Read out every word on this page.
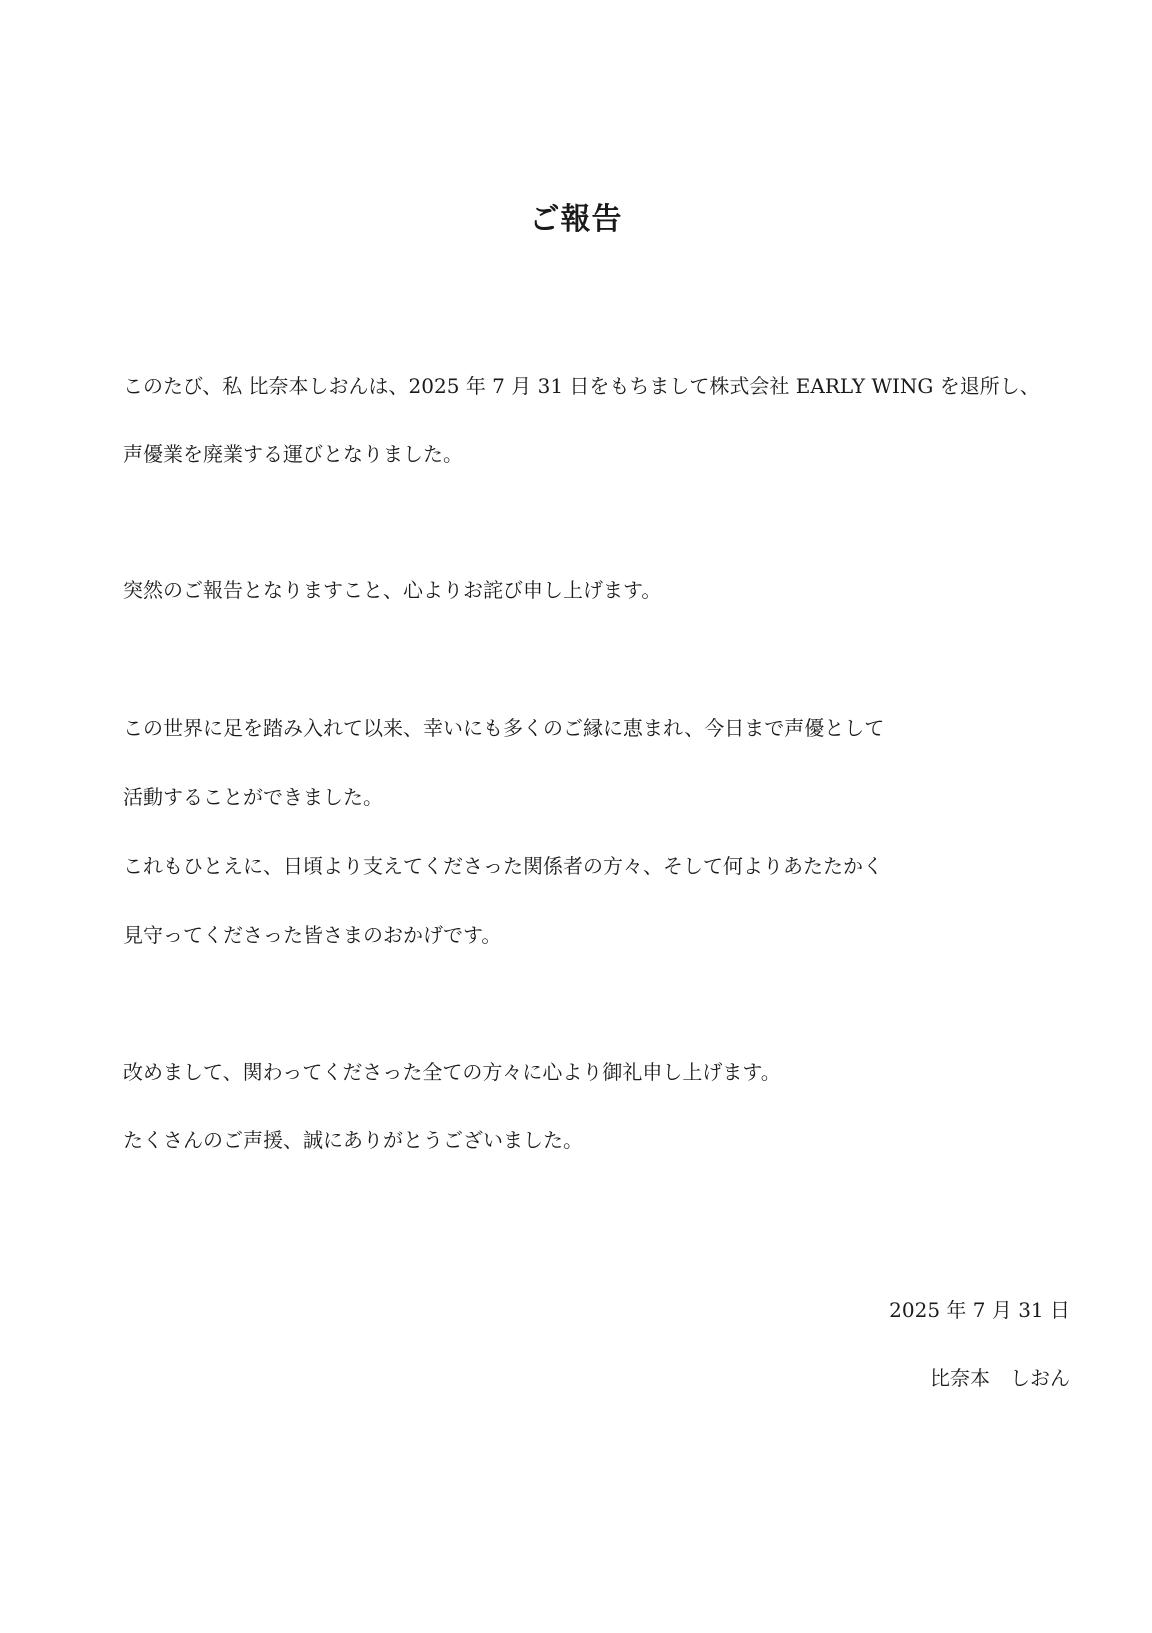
ご報告
このたび、私 比奈本しおんは、2025 年 7 月 31 日をもちまして株式会社 EARLY WING を退所し、
声優業を廃業する運びとなりました。
突然のご報告となりますこと、心よりお詫び申し上げます。
この世界に足を踏み入れて以来、幸いにも多くのご縁に恵まれ、今日まで声優として
活動することができました。
これもひとえに、日頃より支えてくださった関係者の方々、そして何よりあたたかく
見守ってくださった皆さまのおかげです。
改めまして、関わってくださった全ての方々に心より御礼申し上げます。
たくさんのご声援、誠にありがとうございました。
2025 年 7 月 31 日
比奈本　しおん
